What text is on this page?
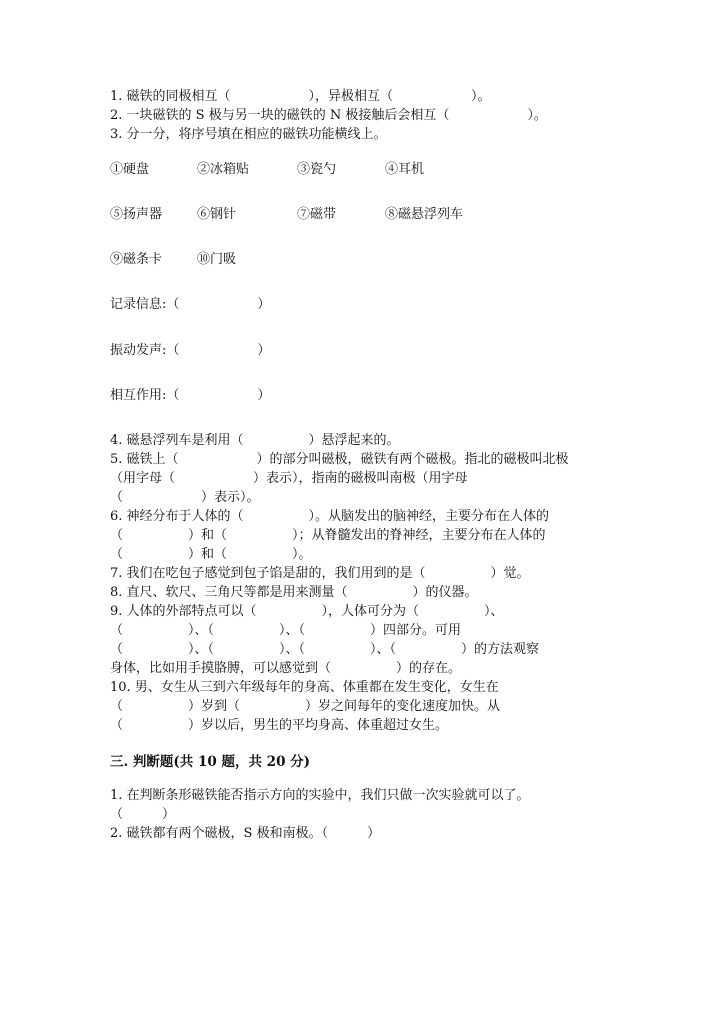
1. 磁铁的同极相互（　　　　　　），异极相互（　　　　　　）。
2. 一块磁铁的 S 极与另一块的磁铁的 N 极接触后会相互（　　　　　　）。
3. 分一分，将序号填在相应的磁铁功能横线上。
①硬盘	②冰箱贴	③瓷勺	④耳机
⑤扬声器	⑥钢针	⑦磁带	⑧磁悬浮列车
⑨磁条卡	⑩门吸
记录信息:（　　　　　　）
振动发声:（　　　　　　）
相互作用:（　　　　　　）
4. 磁悬浮列车是利用（　　　　　）悬浮起来的。
5. 磁铁上（　　　　　　）的部分叫磁极，磁铁有两个磁极。指北的磁极叫北极
（用字母（　　　　　　）表示），指南的磁极叫南极（用字母
（　　　　　　）表示）。
6. 神经分布于人体的（　　　　　）。从脑发出的脑神经，主要分布在人体的
（　　　　　）和（　　　　　）；从脊髓发出的脊神经，主要分布在人体的
（　　　　　）和（　　　　　）。
7. 我们在吃包子感觉到包子馅是甜的，我们用到的是（　　　　　）觉。
8. 直尺、软尺、三角尺等都是用来测量（　　　　　）的仪器。
9. 人体的外部特点可以（　　　　　），人体可分为（　　　　　）、
（　　　　　）、（　　　　　）、（　　　　　）四部分。可用
（　　　　　）、（　　　　　）、（　　　　　）、（　　　　　）的方法观察
身体，比如用手摸胳膊，可以感觉到（　　　　　）的存在。
10. 男、女生从三到六年级每年的身高、体重都在发生变化，女生在
（　　　　　）岁到（　　　　　）岁之间每年的变化速度加快。从
（　　　　　）岁以后，男生的平均身高、体重超过女生。
三. 判断题(共 10 题，共 20 分)
1. 在判断条形磁铁能否指示方向的实验中，我们只做一次实验就可以了。
（　　　）
2. 磁铁都有两个磁极，S 极和南极。（　　　）
